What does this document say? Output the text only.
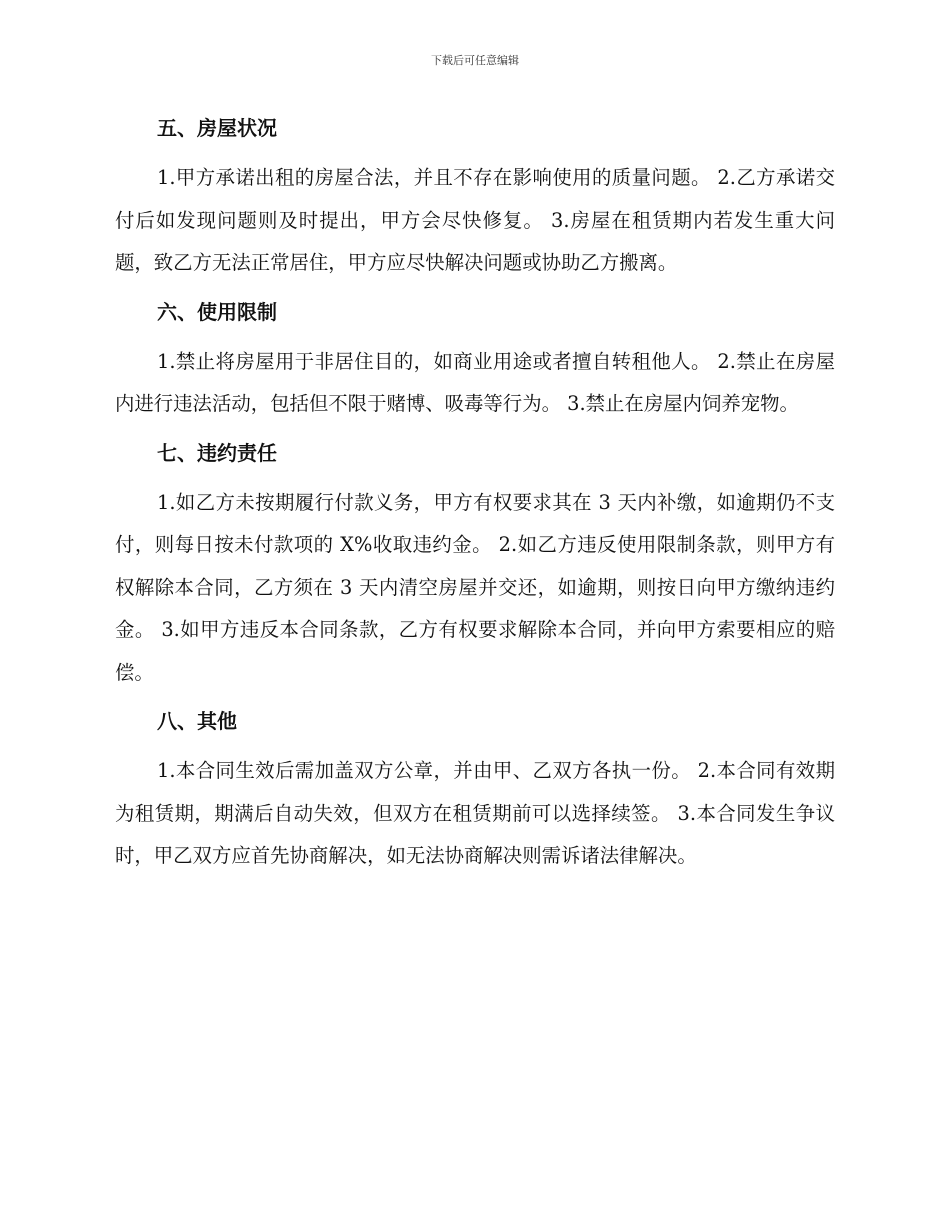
下载后可任意编辑
五、房屋状况

1.甲方承诺出租的房屋合法，并且不存在影响使用的质量问题。 2.乙方承诺交付后如发现问题则及时提出，甲方会尽快修复。 3.房屋在租赁期内若发生重大问题，致乙方无法正常居住，甲方应尽快解决问题或协助乙方搬离。

六、使用限制

1.禁止将房屋用于非居住目的，如商业用途或者擅自转租他人。 2.禁止在房屋内进行违法活动，包括但不限于赌博、吸毒等行为。 3.禁止在房屋内饲养宠物。

七、违约责任

1.如乙方未按期履行付款义务，甲方有权要求其在 3 天内补缴，如逾期仍不支付，则每日按未付款项的 X%收取违约金。 2.如乙方违反使用限制条款，则甲方有权解除本合同，乙方须在 3 天内清空房屋并交还，如逾期，则按日向甲方缴纳违约金。 3.如甲方违反本合同条款，乙方有权要求解除本合同，并向甲方索要相应的赔偿。

八、其他

1.本合同生效后需加盖双方公章，并由甲、乙双方各执一份。 2.本合同有效期为租赁期，期满后自动失效，但双方在租赁期前可以选择续签。 3.本合同发生争议时，甲乙双方应首先协商解决，如无法协商解决则需诉诸法律解决。
